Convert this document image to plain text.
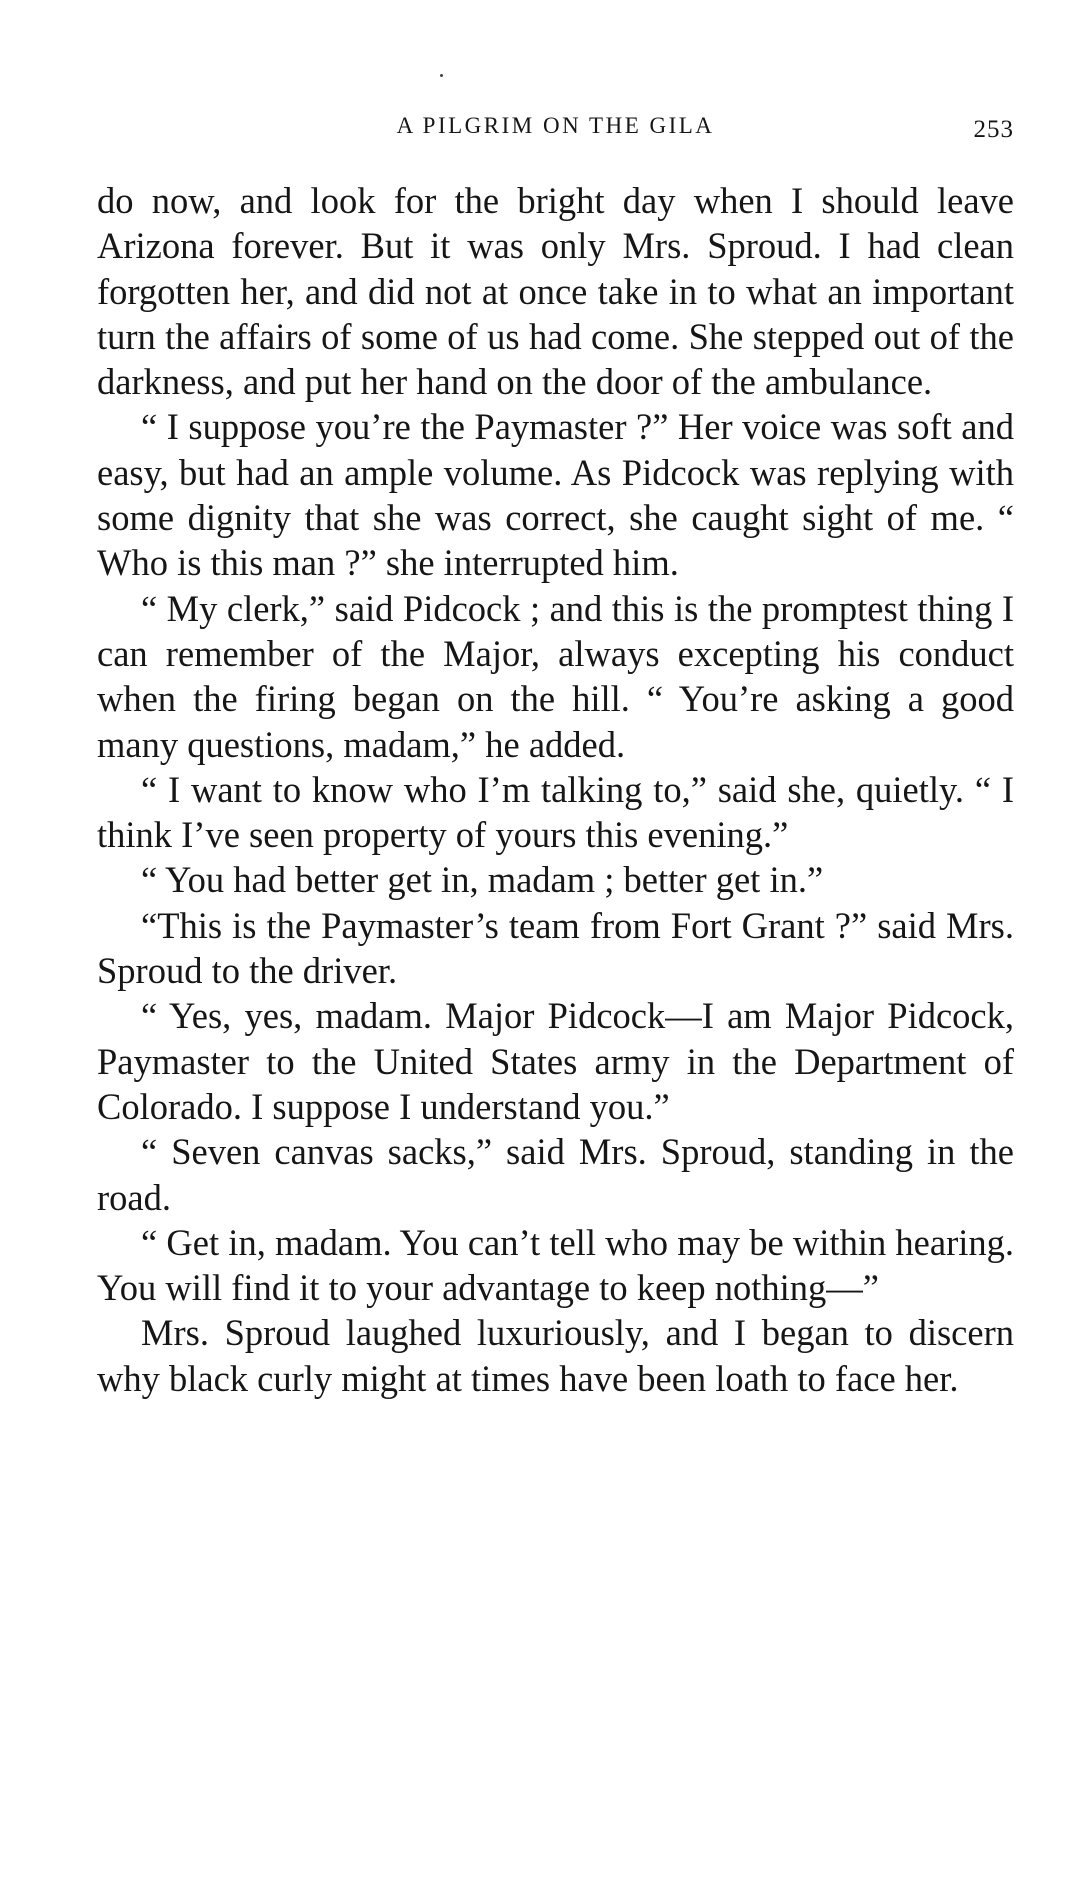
A PILGRIM ON THE GILA	253

do now, and look for the bright day when I should leave Arizona forever. But it was only Mrs. Sproud. I had clean forgotten her, and did not at once take in to what an important turn the affairs of some of us had come. She stepped out of the darkness, and put her hand on the door of the ambulance.

“ I suppose you’re the Paymaster ?” Her voice was soft and easy, but had an ample volume. As Pidcock was replying with some dignity that she was correct, she caught sight of me. “ Who is this man ?” she interrupted him.

“ My clerk,” said Pidcock ; and this is the promptest thing I can remember of the Major, always excepting his conduct when the firing began on the hill. “ You’re asking a good many questions, madam,” he added.

“ I want to know who I’m talking to,” said she, quietly. “ I think I’ve seen property of yours this evening.”

“ You had better get in, madam ; better get in.”

“This is the Paymaster’s team from Fort Grant ?” said Mrs. Sproud to the driver.

“ Yes, yes, madam. Major Pidcock—I am Major Pidcock, Paymaster to the United States army in the Department of Colorado. I suppose I understand you.”

“ Seven canvas sacks,” said Mrs. Sproud, standing in the road.

“ Get in, madam. You can’t tell who may be within hearing. You will find it to your advantage to keep nothing—”

Mrs. Sproud laughed luxuriously, and I began to discern why black curly might at times have been loath to face her.
